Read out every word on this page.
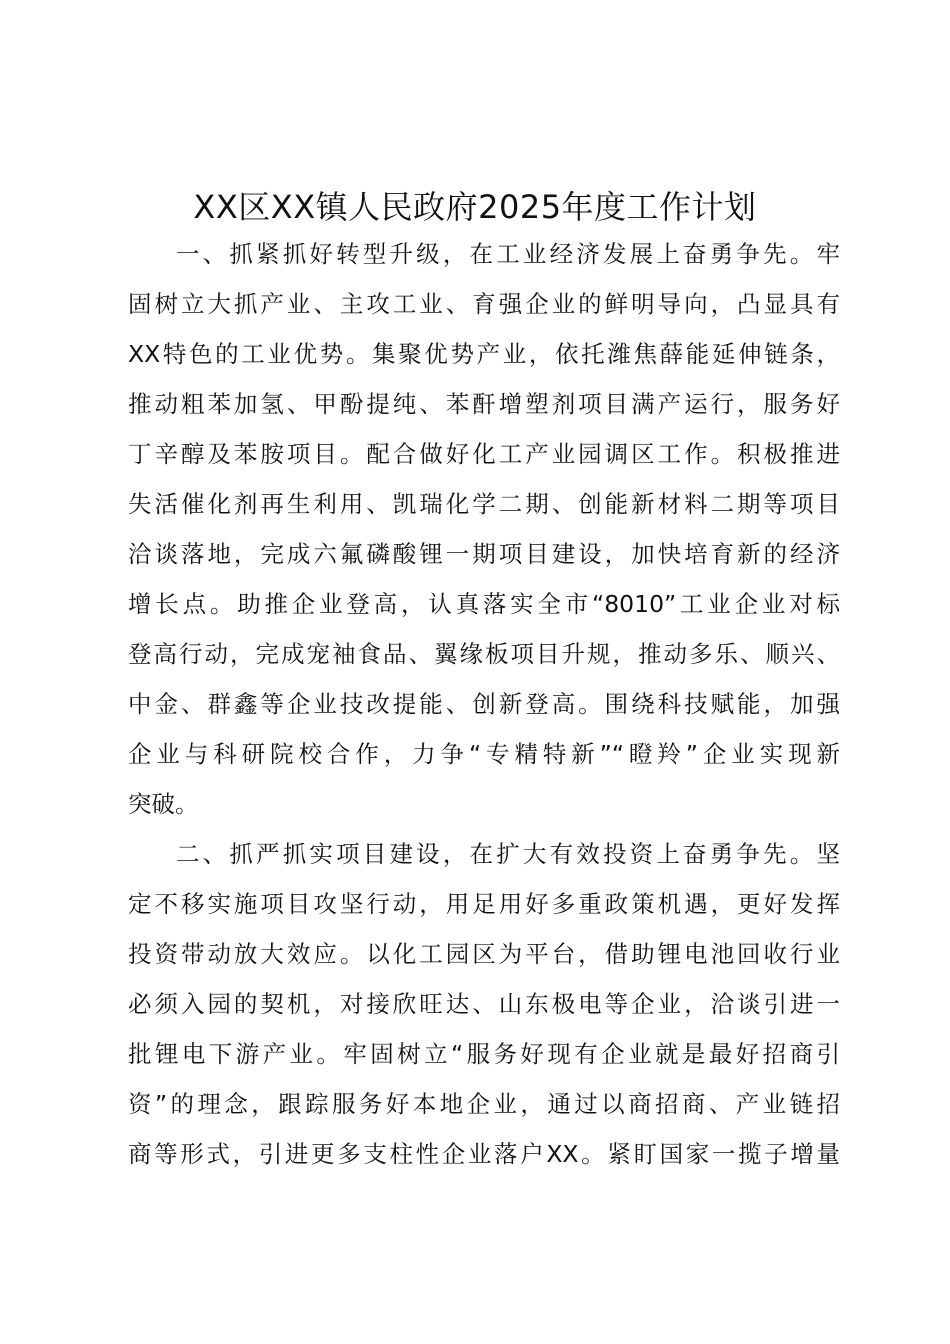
XX区XX镇人民政府2025年度工作计划
一、抓紧抓好转型升级，在工业经济发展上奋勇争先。牢
固树立大抓产业、主攻工业、育强企业的鲜明导向，凸显具有
XX特色的工业优势。集聚优势产业，依托潍焦薛能延伸链条，
推动粗苯加氢、甲酚提纯、苯酐增塑剂项目满产运行，服务好
丁辛醇及苯胺项目。配合做好化工产业园调区工作。积极推进
失活催化剂再生利用、凯瑞化学二期、创能新材料二期等项目
洽谈落地，完成六氟磷酸锂一期项目建设，加快培育新的经济
增长点。助推企业登高，认真落实全市“8010”工业企业对标
登高行动，完成宠袖食品、翼缘板项目升规，推动多乐、顺兴、
中金、群鑫等企业技改提能、创新登高。围绕科技赋能，加强
企业与科研院校合作，力争“专精特新”“瞪羚”企业实现新
突破。
二、抓严抓实项目建设，在扩大有效投资上奋勇争先。坚
定不移实施项目攻坚行动，用足用好多重政策机遇，更好发挥
投资带动放大效应。以化工园区为平台，借助锂电池回收行业
必须入园的契机，对接欣旺达、山东极电等企业，洽谈引进一
批锂电下游产业。牢固树立“服务好现有企业就是最好招商引
资”的理念，跟踪服务好本地企业，通过以商招商、产业链招
商等形式，引进更多支柱性企业落户XX。紧盯国家一揽子增量
